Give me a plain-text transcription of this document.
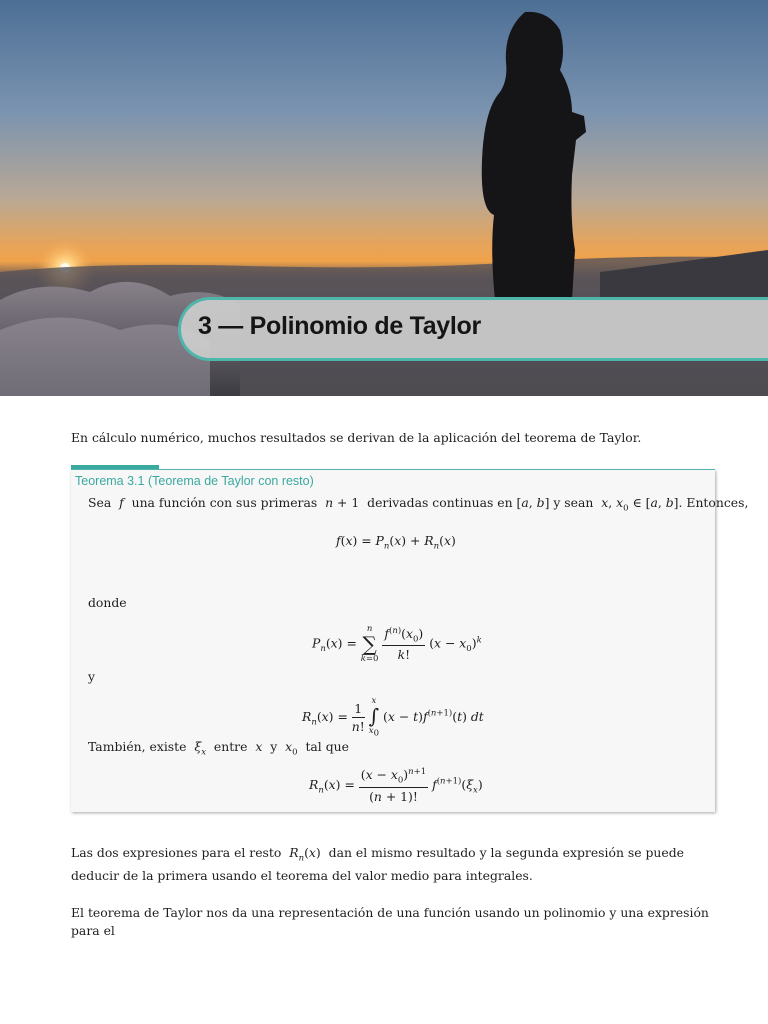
3 — Polinomio de Taylor
En cálculo numérico, muchos resultados se derivan de la aplicación del teorema de Taylor.
Teorema 3.1 (Teorema de Taylor con resto)
Sea  f  una función con sus primeras  n + 1  derivadas continuas en [a, b] y sean  x, $x_0$ ∈ [a, b]. Entonces,
$f(x) = P_n(x) + R_n(x)$
donde
$P_n(x) = n$
∑
$k=0 \frac{f^{(n)}(x_0)}{k!} (x - x_0)^k$
y
$R_n(x) = \frac{1}{n!}$ x
∫
$x_0$ $(x - t)f^{(n+1)}(t)$ dt
También, existe  $\xi_x$ entre  x  y  $x_0$ tal que
$R_n(x) = \frac{(x - x_0)^{n+1}}{(n + 1)!} f^{(n+1)}(\xi_x)$
Las dos expresiones para el resto  $R_n(x)$  dan el mismo resultado y la segunda expresión se puede deducir de la primera usando el teorema del valor medio para integrales.
El teorema de Taylor nos da una representación de una función usando un polinomio y una expresión para el
